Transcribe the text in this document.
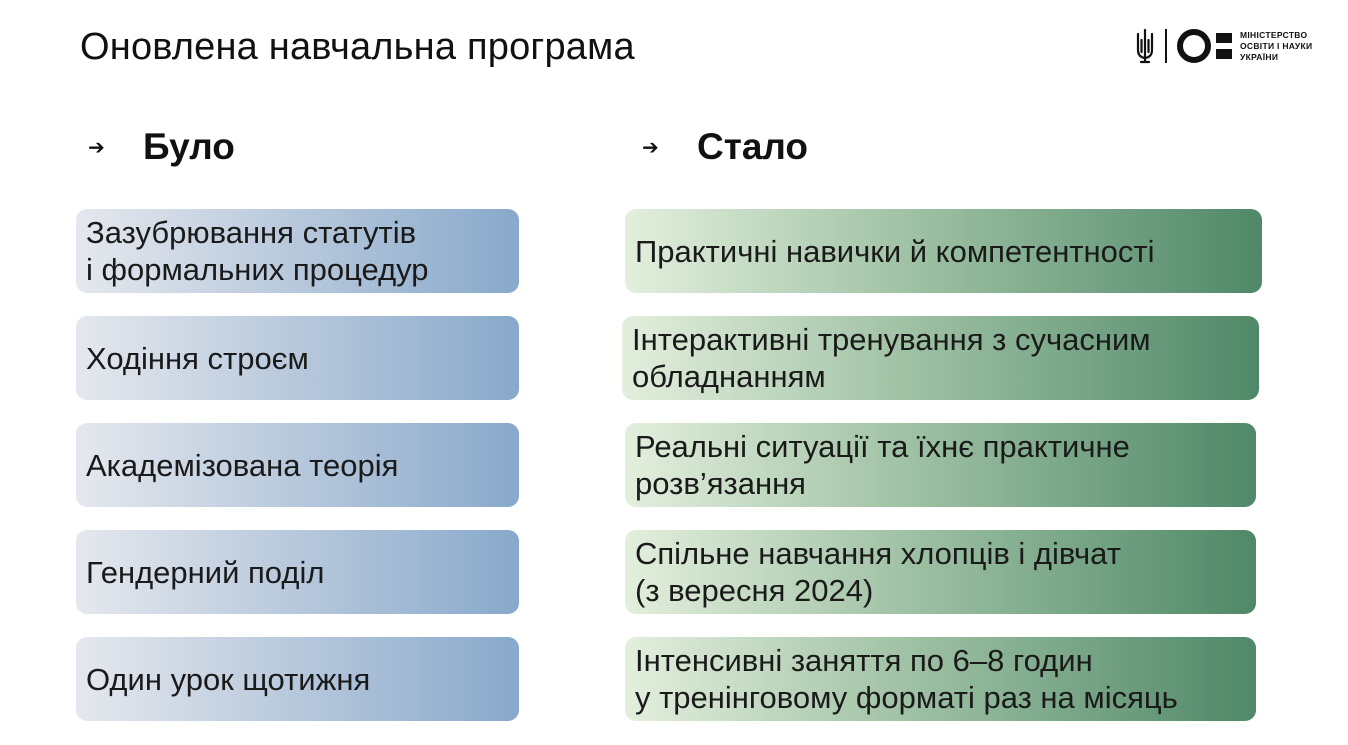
Оновлена навчальна програма	МІНІСТЕРСТВО
ОСВІТИ І НАУКИ
УКРАЇНИ
➔	Було	➔	Стало
Зазубрювання статутів
і формальних процедур
Ходіння строєм
Академізована теорія
Гендерний поділ
Один урок щотижня
Практичні навички й компетентності
Інтерактивні тренування з сучасним
обладнанням
Реальні ситуації та їхнє практичне
розв’язання
Спільне навчання хлопців і дівчат
(з вересня 2024)
Інтенсивні заняття по 6–8 годин
у тренінговому форматі раз на місяць
